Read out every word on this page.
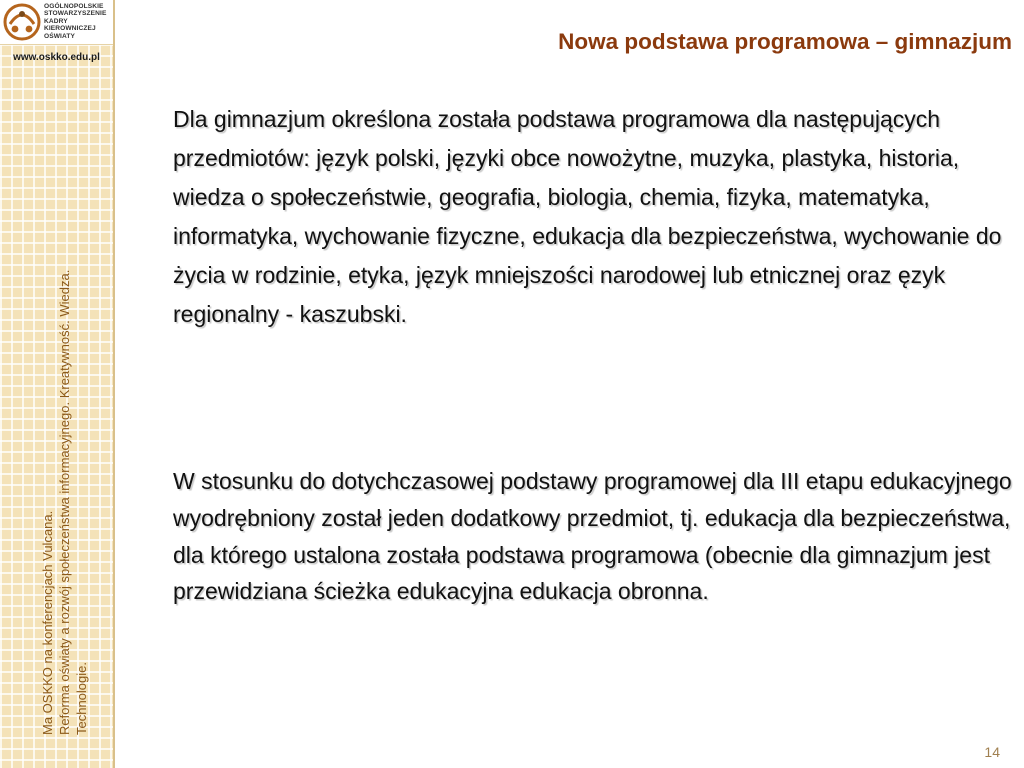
OGÓLNOPOLSKIE
STOWARZYSZENIE
KADRY
KIEROWNICZEJ
OŚWIATY
www.oskko.edu.pl
Ma OSKKO na konferencjach Vulcana. Reforma oświaty a rozwój społeczeństwa informacyjnego. Kreatywność. Wiedza. Technologie.
Nowa podstawa programowa – gimnazjum
Dla gimnazjum określona została podstawa programowa dla następujących przedmiotów: język polski, języki obce nowożytne, muzyka, plastyka, historia, wiedza o społeczeństwie, geografia, biologia, chemia, fizyka, matematyka, informatyka, wychowanie fizyczne, edukacja dla bezpieczeństwa, wychowanie do życia w rodzinie, etyka, język mniejszości narodowej lub etnicznej oraz ęzyk regionalny - kaszubski.
W stosunku do dotychczasowej podstawy programowej dla III etapu edukacyjnego wyodrębniony został jeden dodatkowy przedmiot, tj. edukacja dla bezpieczeństwa, dla którego ustalona została podstawa programowa (obecnie dla gimnazjum jest przewidziana ścieżka edukacyjna edukacja obronna.
14
